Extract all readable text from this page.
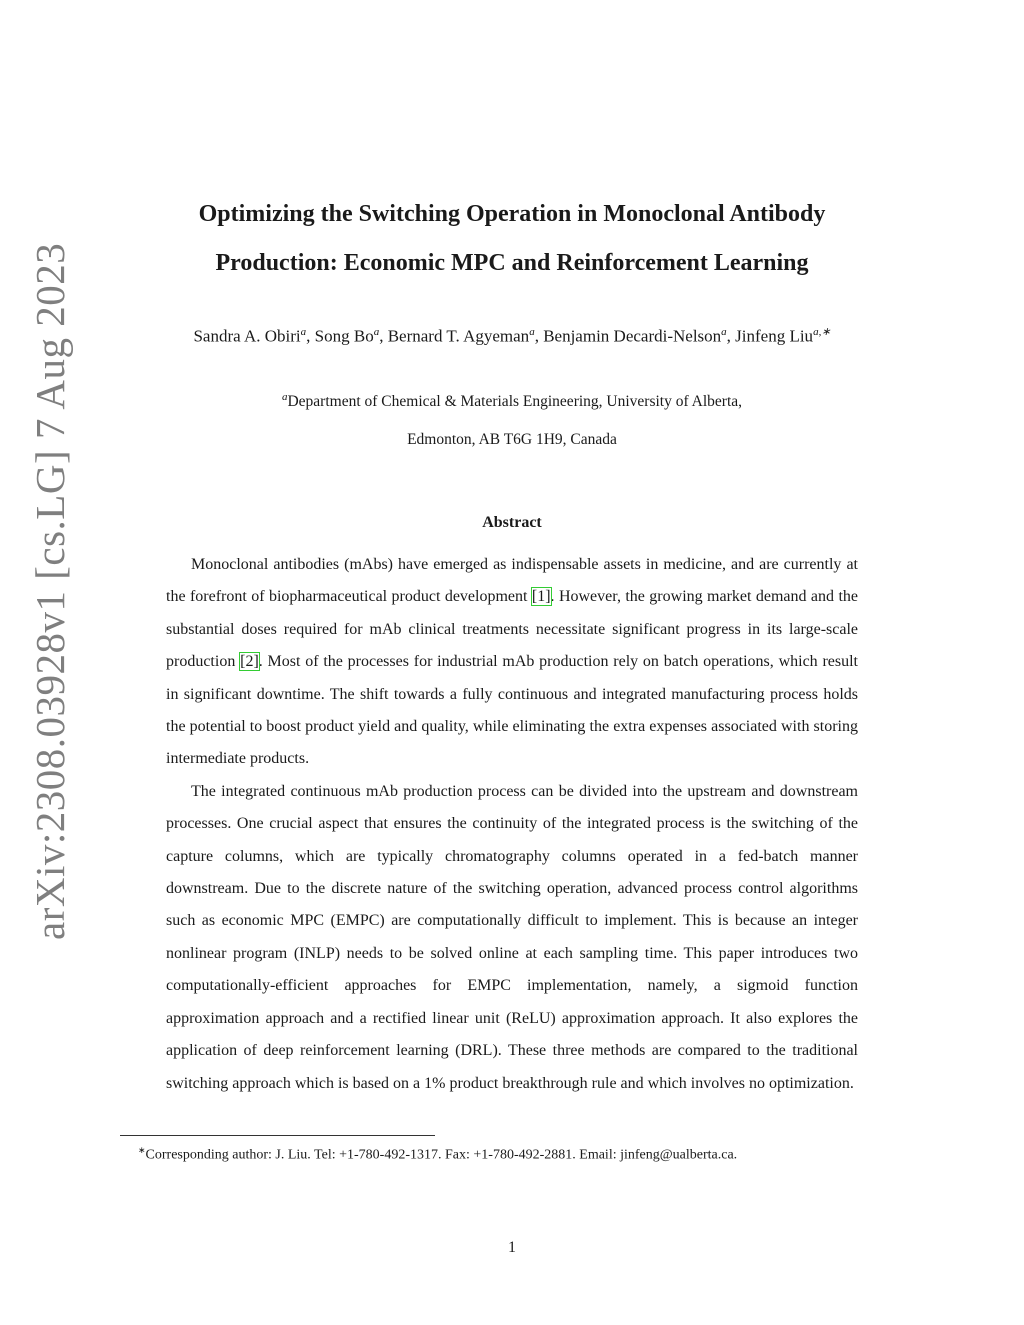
arXiv:2308.03928v1 [cs.LG] 7 Aug 2023
Optimizing the Switching Operation in Monoclonal Antibody
Production: Economic MPC and Reinforcement Learning
Sandra A. Obiri$^a$, Song Bo$^a$, Bernard T. Agyeman$^a$, Benjamin Decardi-Nelson$^a$, Jinfeng Liu$^{a,∗}$
$^a$Department of Chemical & Materials Engineering, University of Alberta,
Edmonton, AB T6G 1H9, Canada
Abstract

Monoclonal antibodies (mAbs) have emerged as indispensable assets in medicine, and are currently at the forefront of biopharmaceutical product development [1]. However, the growing market demand and the substantial doses required for mAb clinical treatments necessitate significant progress in its large-scale production [2]. Most of the processes for industrial mAb production rely on batch operations, which result in significant downtime. The shift towards a fully continuous and integrated manufacturing process holds the potential to boost product yield and quality, while eliminating the extra expenses associated with storing intermediate products.

The integrated continuous mAb production process can be divided into the upstream and downstream processes. One crucial aspect that ensures the continuity of the integrated process is the switching of the capture columns, which are typically chromatography columns operated in a fed-batch manner downstream. Due to the discrete nature of the switching operation, advanced process control algorithms such as economic MPC (EMPC) are computationally difficult to implement. This is because an integer nonlinear program (INLP) needs to be solved online at each sampling time. This paper introduces two computationally-efficient approaches for EMPC implementation, namely, a sigmoid function approximation approach and a rectified linear unit (ReLU) approximation approach. It also explores the application of deep reinforcement learning (DRL). These three methods are compared to the traditional switching approach which is based on a 1% product breakthrough rule and which involves no optimization.

∗Corresponding author: J. Liu. Tel: +1-780-492-1317. Fax: +1-780-492-2881. Email: jinfeng@ualberta.ca.
1
